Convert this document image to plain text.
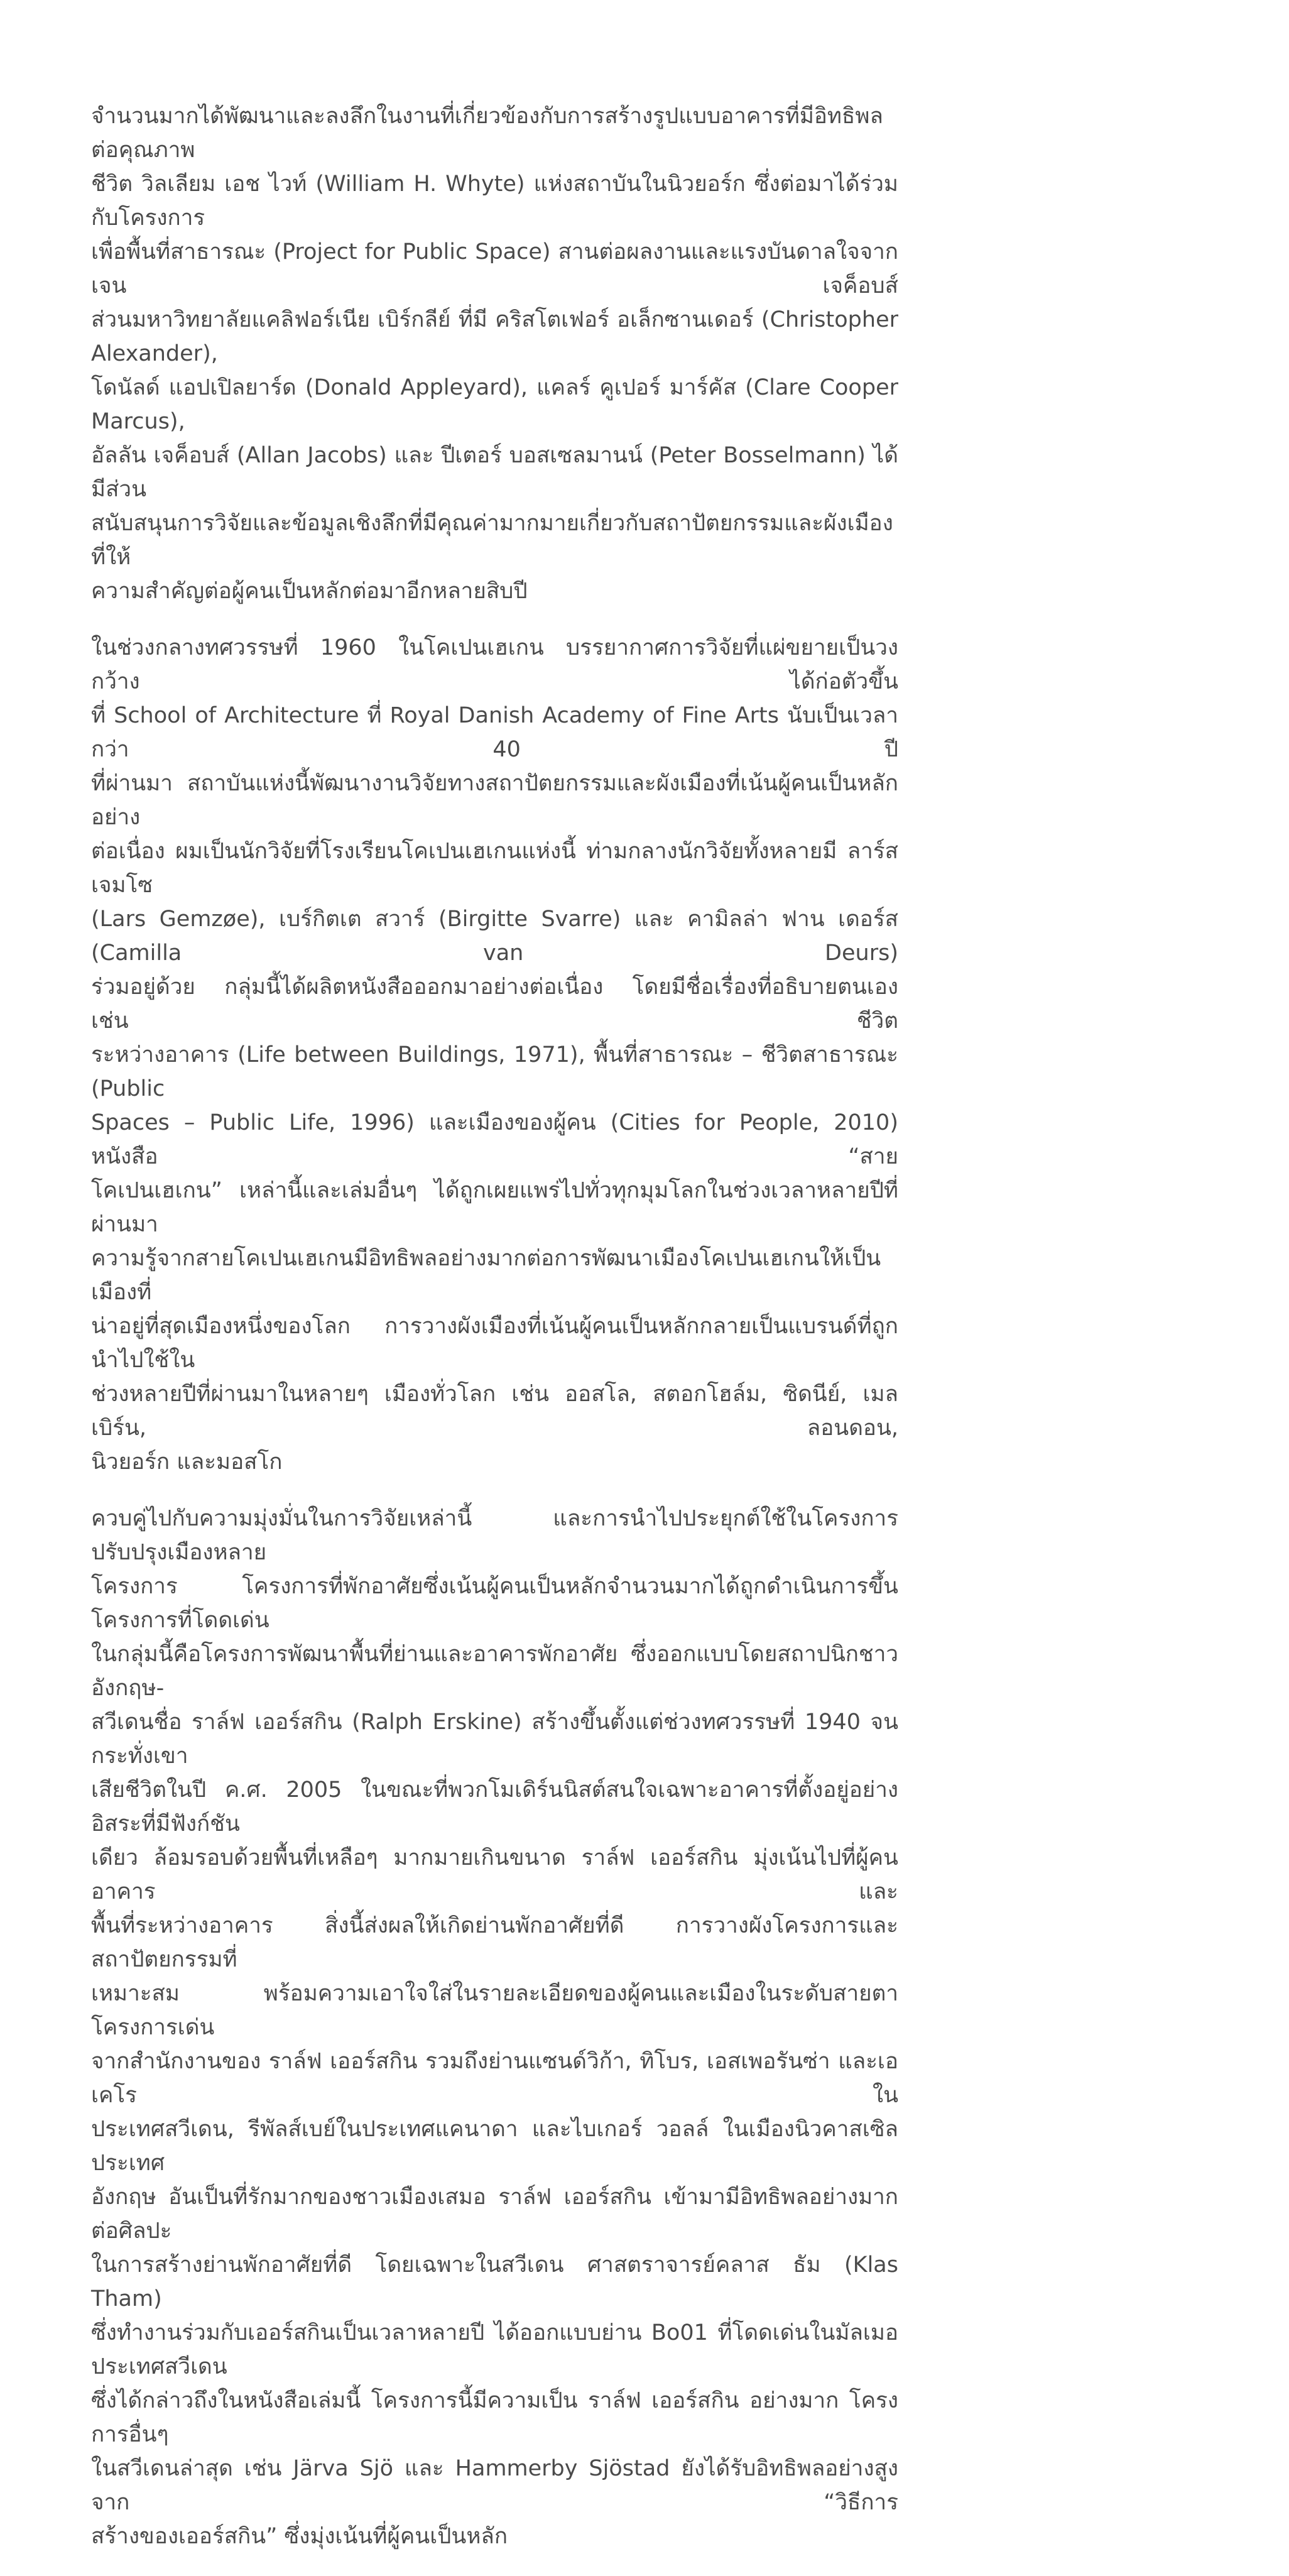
จำนวนมากได้พัฒนาและลงลึกในงานที่เกี่ยวข้องกับการสร้างรูปแบบอาคารที่มีอิทธิพลต่อคุณภาพ
ชีวิต วิลเลียม เอช ไวท์ (William H. Whyte) แห่งสถาบันในนิวยอร์ก ซึ่งต่อมาได้ร่วมกับโครงการ
เพื่อพื้นที่สาธารณะ (Project for Public Space) สานต่อผลงานและแรงบันดาลใจจาก เจน เจค็อบส์
ส่วนมหาวิทยาลัยแคลิฟอร์เนีย เบิร์กลีย์ ที่มี คริสโตเฟอร์ อเล็กซานเดอร์ (Christopher Alexander),
โดนัลด์ แอปเปิลยาร์ด (Donald Appleyard), แคลร์ คูเปอร์ มาร์คัส (Clare Cooper Marcus),
อัลลัน เจค็อบส์ (Allan Jacobs) และ ปีเตอร์ บอสเซลมานน์ (Peter Bosselmann) ได้มีส่วน
สนับสนุนการวิจัยและข้อมูลเชิงลึกที่มีคุณค่ามากมายเกี่ยวกับสถาปัตยกรรมและผังเมืองที่ให้
ความสำคัญต่อผู้คนเป็นหลักต่อมาอีกหลายสิบปี

ในช่วงกลางทศวรรษที่ 1960 ในโคเปนเฮเกน บรรยากาศการวิจัยที่แผ่ขยายเป็นวงกว้าง ได้ก่อตัวขึ้น
ที่ School of Architecture ที่ Royal Danish Academy of Fine Arts นับเป็นเวลากว่า 40 ปี
ที่ผ่านมา สถาบันแห่งนี้พัฒนางานวิจัยทางสถาปัตยกรรมและผังเมืองที่เน้นผู้คนเป็นหลักอย่าง
ต่อเนื่อง ผมเป็นนักวิจัยที่โรงเรียนโคเปนเฮเกนแห่งนี้ ท่ามกลางนักวิจัยทั้งหลายมี ลาร์ส เจมโซ
(Lars Gemzøe), เบร์กิตเต สวาร์ (Birgitte Svarre) และ คามิลล่า ฟาน เดอร์ส (Camilla van Deurs)
ร่วมอยู่ด้วย กลุ่มนี้ได้ผลิตหนังสือออกมาอย่างต่อเนื่อง โดยมีชื่อเรื่องที่อธิบายตนเอง เช่น ชีวิต
ระหว่างอาคาร (Life between Buildings, 1971), พื้นที่สาธารณะ – ชีวิตสาธารณะ (Public
Spaces – Public Life, 1996) และเมืองของผู้คน (Cities for People, 2010) หนังสือ “สาย
โคเปนเฮเกน” เหล่านี้และเล่มอื่นๆ ได้ถูกเผยแพร่ไปทั่วทุกมุมโลกในช่วงเวลาหลายปีที่ผ่านมา
ความรู้จากสายโคเปนเฮเกนมีอิทธิพลอย่างมากต่อการพัฒนาเมืองโคเปนเฮเกนให้เป็นเมืองที่
น่าอยู่ที่สุดเมืองหนึ่งของโลก การวางผังเมืองที่เน้นผู้คนเป็นหลักกลายเป็นแบรนด์ที่ถูกนำไปใช้ใน
ช่วงหลายปีที่ผ่านมาในหลายๆ เมืองทั่วโลก เช่น ออสโล, สตอกโฮล์ม, ซิดนีย์, เมลเบิร์น, ลอนดอน,
นิวยอร์ก และมอสโก

ควบคู่ไปกับความมุ่งมั่นในการวิจัยเหล่านี้ และการนำไปประยุกต์ใช้ในโครงการปรับปรุงเมืองหลาย
โครงการ โครงการที่พักอาศัยซึ่งเน้นผู้คนเป็นหลักจำนวนมากได้ถูกดำเนินการขึ้น โครงการที่โดดเด่น
ในกลุ่มนี้คือโครงการพัฒนาพื้นที่ย่านและอาคารพักอาศัย ซึ่งออกแบบโดยสถาปนิกชาวอังกฤษ-
สวีเดนชื่อ ราล์ฟ เออร์สกิน (Ralph Erskine) สร้างขึ้นตั้งแต่ช่วงทศวรรษที่ 1940 จนกระทั่งเขา
เสียชีวิตในปี ค.ศ. 2005 ในขณะที่พวกโมเดิร์นนิสต์สนใจเฉพาะอาคารที่ตั้งอยู่อย่างอิสระที่มีฟังก์ชัน
เดียว ล้อมรอบด้วยพื้นที่เหลือๆ มากมายเกินขนาด ราล์ฟ เออร์สกิน มุ่งเน้นไปที่ผู้คน อาคาร และ
พื้นที่ระหว่างอาคาร สิ่งนี้ส่งผลให้เกิดย่านพักอาศัยที่ดี การวางผังโครงการและสถาปัตยกรรมที่
เหมาะสม พร้อมความเอาใจใส่ในรายละเอียดของผู้คนและเมืองในระดับสายตา โครงการเด่น
จากสำนักงานของ ราล์ฟ เออร์สกิน รวมถึงย่านแซนด์วิก้า, ทิโบร, เอสเพอรันซ่า และเอเคโร ใน
ประเทศสวีเดน, รีพัลส์เบย์ในประเทศแคนาดา และไบเกอร์ วอลล์ ในเมืองนิวคาสเซิล ประเทศ
อังกฤษ อันเป็นที่รักมากของชาวเมืองเสมอ ราล์ฟ เออร์สกิน เข้ามามีอิทธิพลอย่างมากต่อศิลปะ
ในการสร้างย่านพักอาศัยที่ดี โดยเฉพาะในสวีเดน ศาสตราจารย์คลาส ธัม (Klas Tham)
ซึ่งทำงานร่วมกับเออร์สกินเป็นเวลาหลายปี ได้ออกแบบย่าน Bo01 ที่โดดเด่นในมัลเมอ ประเทศสวีเดน
ซึ่งได้กล่าวถึงในหนังสือเล่มนี้ โครงการนี้มีความเป็น ราล์ฟ เออร์สกิน อย่างมาก โครงการอื่นๆ
ในสวีเดนล่าสุด เช่น Järva Sjö และ Hammerby Sjöstad ยังได้รับอิทธิพลอย่างสูงจาก “วิธีการ
สร้างของเออร์สกิน” ซึ่งมุ่งเน้นที่ผู้คนเป็นหลัก
